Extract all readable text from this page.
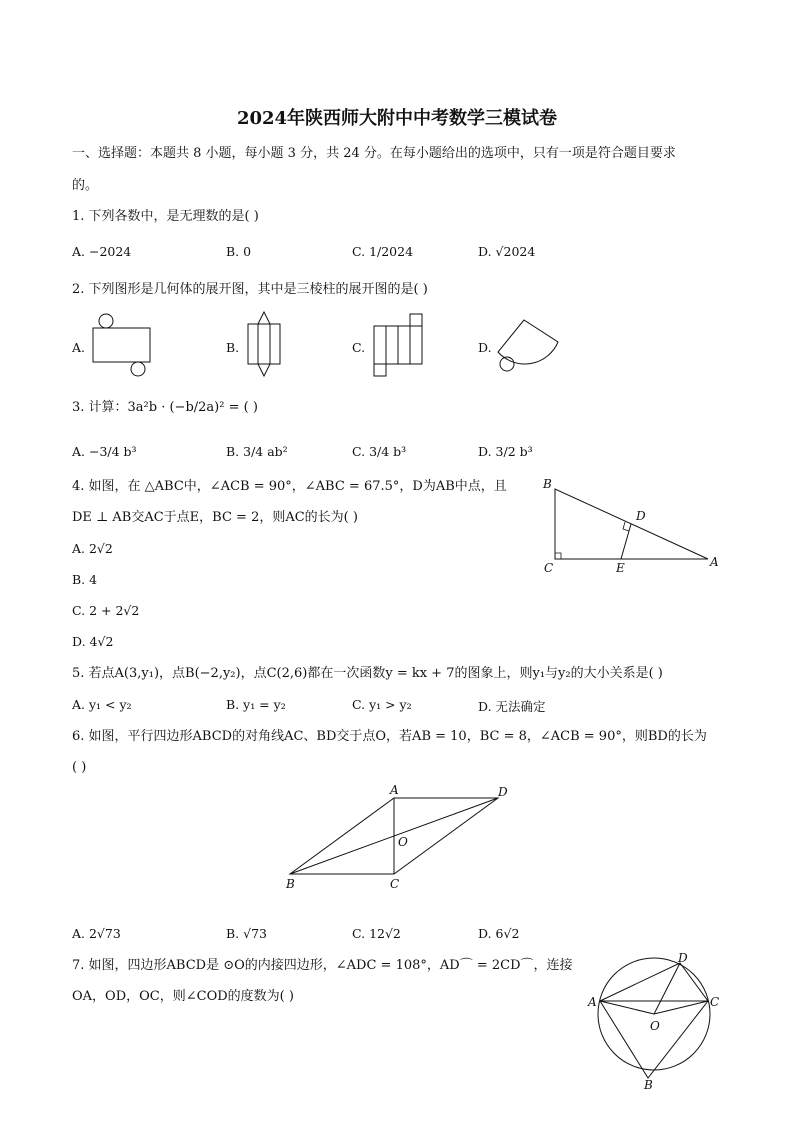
2024年陕西师大附中中考数学三模试卷
一、选择题：本题共 8 小题，每小题 3 分，共 24 分。在每小题给出的选项中，只有一项是符合题目要求
的。
1. 下列各数中，是无理数的是( )
A. −2024	B. 0	C. 1/2024	D. √2024
2. 下列图形是几何体的展开图，其中是三棱柱的展开图的是( )
A.	B.	C.	D.
3. 计算：3a²b · (−b/2a)² = ( )
A. −3/4 b³	B. 3/4 ab²	C. 3/4 b³	D. 3/2 b³
4. 如图，在 △ABC中，∠ACB = 90°，∠ABC = 67.5°，D为AB中点，且
DE ⊥ AB交AC于点E，BC = 2，则AC的长为( )
A. 2√2
B. 4
C. 2 + 2√2
D. 4√2
B
D
C	E	A
5. 若点A(3,y₁)，点B(−2,y₂)，点C(2,6)都在一次函数y = kx + 7的图象上，则y₁与y₂的大小关系是( )
A. y₁ < y₂	B. y₁ = y₂	C. y₁ > y₂	D. 无法确定
6. 如图，平行四边形ABCD的对角线AC、BD交于点O，若AB = 10，BC = 8，∠ACB = 90°，则BD的长为
( )
A	D
O
B	C
A. 2√73	B. √73	C. 12√2	D. 6√2
7. 如图，四边形ABCD是 ⊙O的内接四边形，∠ADC = 108°，AD⌒ = 2CD⌒，连接
OA，OD，OC，则∠COD的度数为( )
D
A	C
O
B
